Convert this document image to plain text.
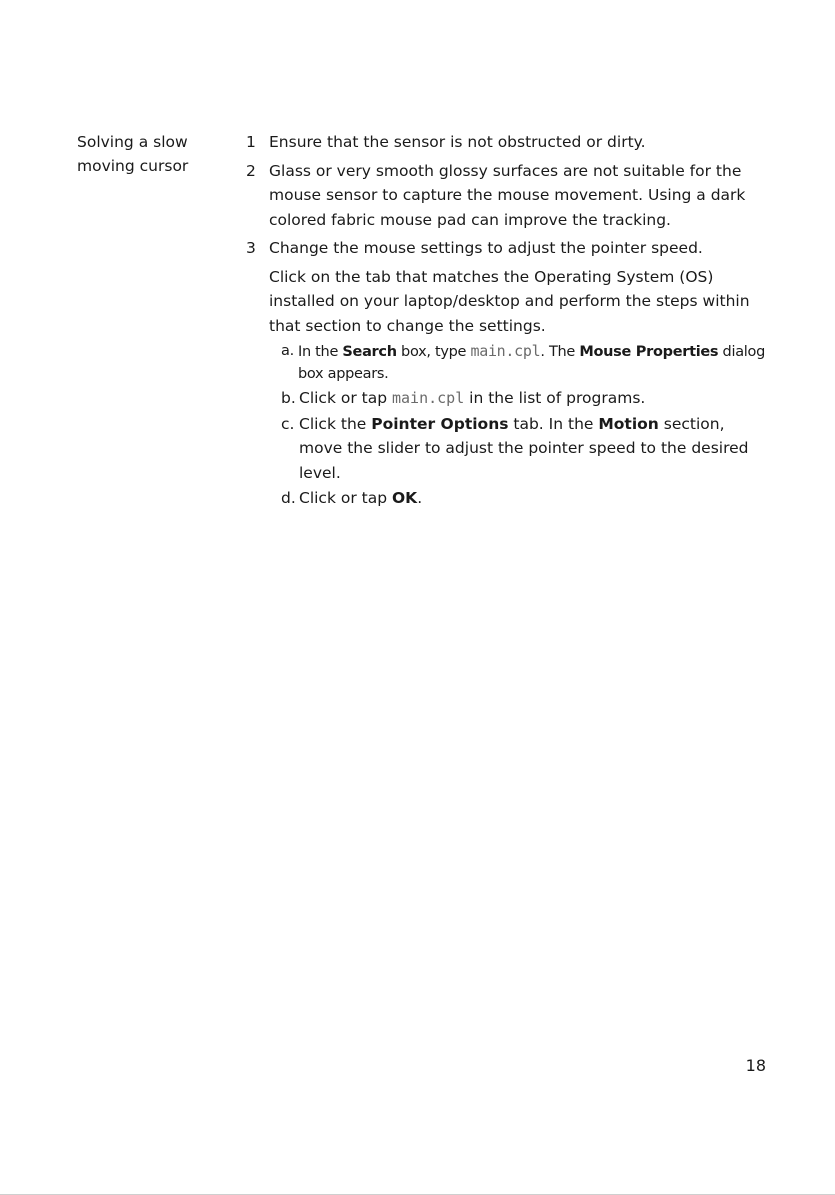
Solving a slow moving cursor
1 Ensure that the sensor is not obstructed or dirty.
2 Glass or very smooth glossy surfaces are not suitable for the mouse sensor to capture the mouse movement. Using a dark colored fabric mouse pad can improve the tracking.
3 Change the mouse settings to adjust the pointer speed.
Click on the tab that matches the Operating System (OS) installed on your laptop/desktop and perform the steps within that section to change the settings.
a. In the Search box, type main.cpl. The Mouse Properties dialog box appears.
b. Click or tap main.cpl in the list of programs.
c. Click the Pointer Options tab. In the Motion section, move the slider to adjust the pointer speed to the desired level.
d. Click or tap OK.
18
